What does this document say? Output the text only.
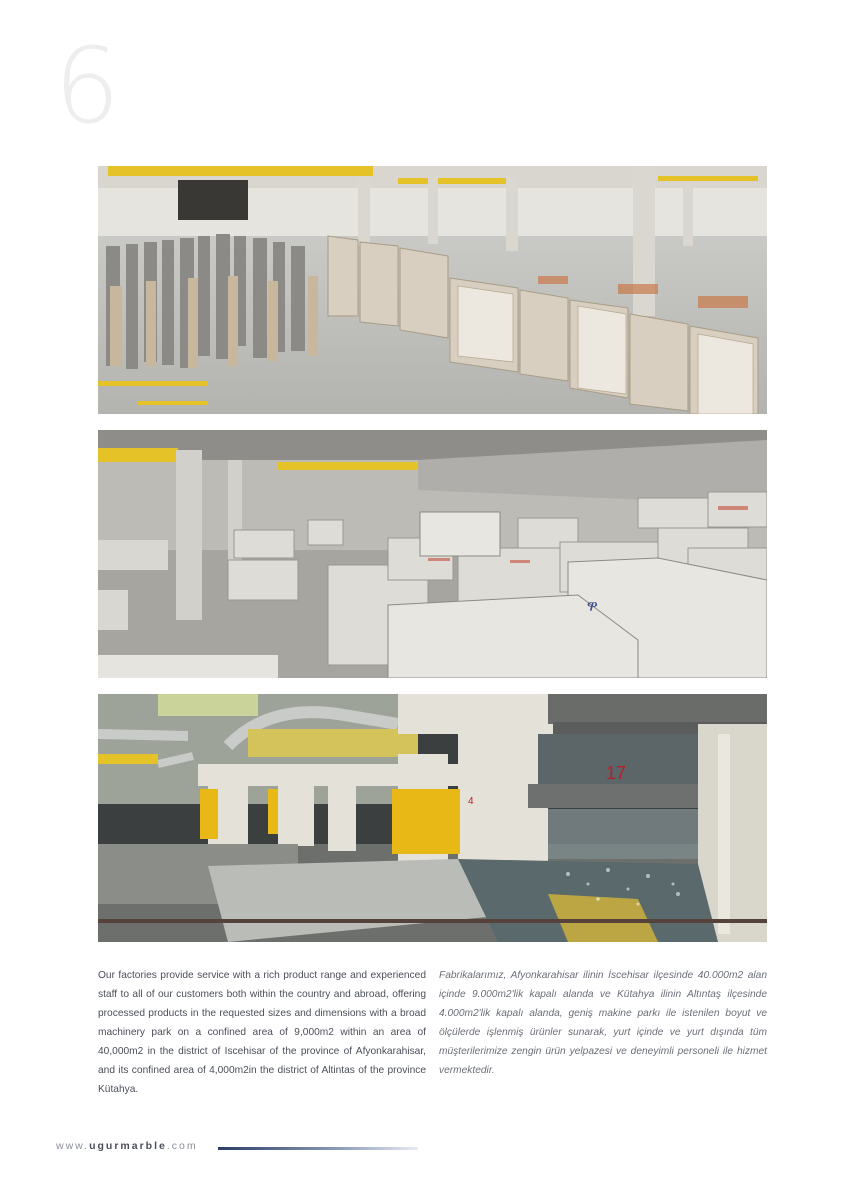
6
ዋ
17
4

Our factories provide service with a rich product range and experienced staff to all of our customers both within the country and abroad, offering processed products in the requested sizes and dimensions with a broad machinery park on a confined area of 9,000m2 within an area of 40,000m2 in the district of Iscehisar of the province of Afyonkarahisar, and its confined area of 4,000m2in the district of Altintas of the province Kütahya.

Fabrikalarımız, Afyonkarahisar ilinin İscehisar ilçesinde 40.000m2 alan içinde 9.000m2'lik kapalı alanda ve Kütahya ilinin Altıntaş ilçesinde 4.000m2'lik kapalı alanda, geniş makine parkı ile istenilen boyut ve ölçülerde işlenmiş ürünler sunarak, yurt içinde ve yurt dışında tüm müşterilerimize zengin ürün yelpazesi ve deneyimli personeli ile hizmet vermektedir.

www.ugurmarble.com
